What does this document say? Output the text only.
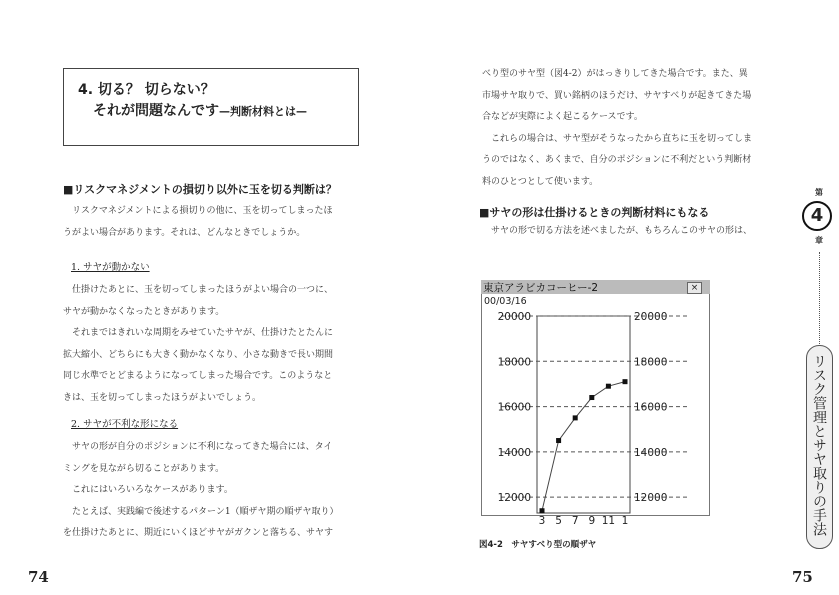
4. 切る？ 切らない？
それが問題なんです—判断材料とは—
■リスクマネジメントの損切り以外に玉を切る判断は？
　リスクマネジメントによる損切りの他に、玉を切ってしまったほ
うがよい場合があります。それは、どんなときでしょうか。
1. サヤが動かない
　仕掛けたあとに、玉を切ってしまったほうがよい場合の一つに、
サヤが動かなくなったときがあります。
　それまではきれいな周期をみせていたサヤが、仕掛けたとたんに
拡大縮小、どちらにも大きく動かなくなり、小さな動きで長い期間
同じ水準でとどまるようになってしまった場合です。このようなと
きは、玉を切ってしまったほうがよいでしょう。
2. サヤが不利な形になる
　サヤの形が自分のポジションに不利になってきた場合には、タイ
ミングを見ながら切ることがあります。
　これにはいろいろなケースがあります。
　たとえば、実践編で後述するパターン1（順ザヤ期の順ザヤ取り）
を仕掛けたあとに、期近にいくほどサヤがガクンと落ちる、サヤす
74
べり型のサヤ型（図4-2）がはっきりしてきた場合です。また、異
市場サヤ取りで、買い銘柄のほうだけ、サヤすべりが起きてきた場
合などが実際によく起こるケースです。
　これらの場合は、サヤ型がそうなったから直ちに玉を切ってしま
うのではなく、あくまで、自分のポジションに不利だという判断材
料のひとつとして使います。
■サヤの形は仕掛けるときの判断材料にもなる
　サヤの形で切る方法を述べましたが、もちろんこのサヤの形は、
東京アラビカコーヒー-2	×
00/03/16
20000	20000
18000	18000
16000	16000
14000	14000
12000	12000
3 5 7 9 11 1
図4-2　サヤすべり型の順ザヤ
75
第
4
章
リスク管理とサヤ取りの手法
